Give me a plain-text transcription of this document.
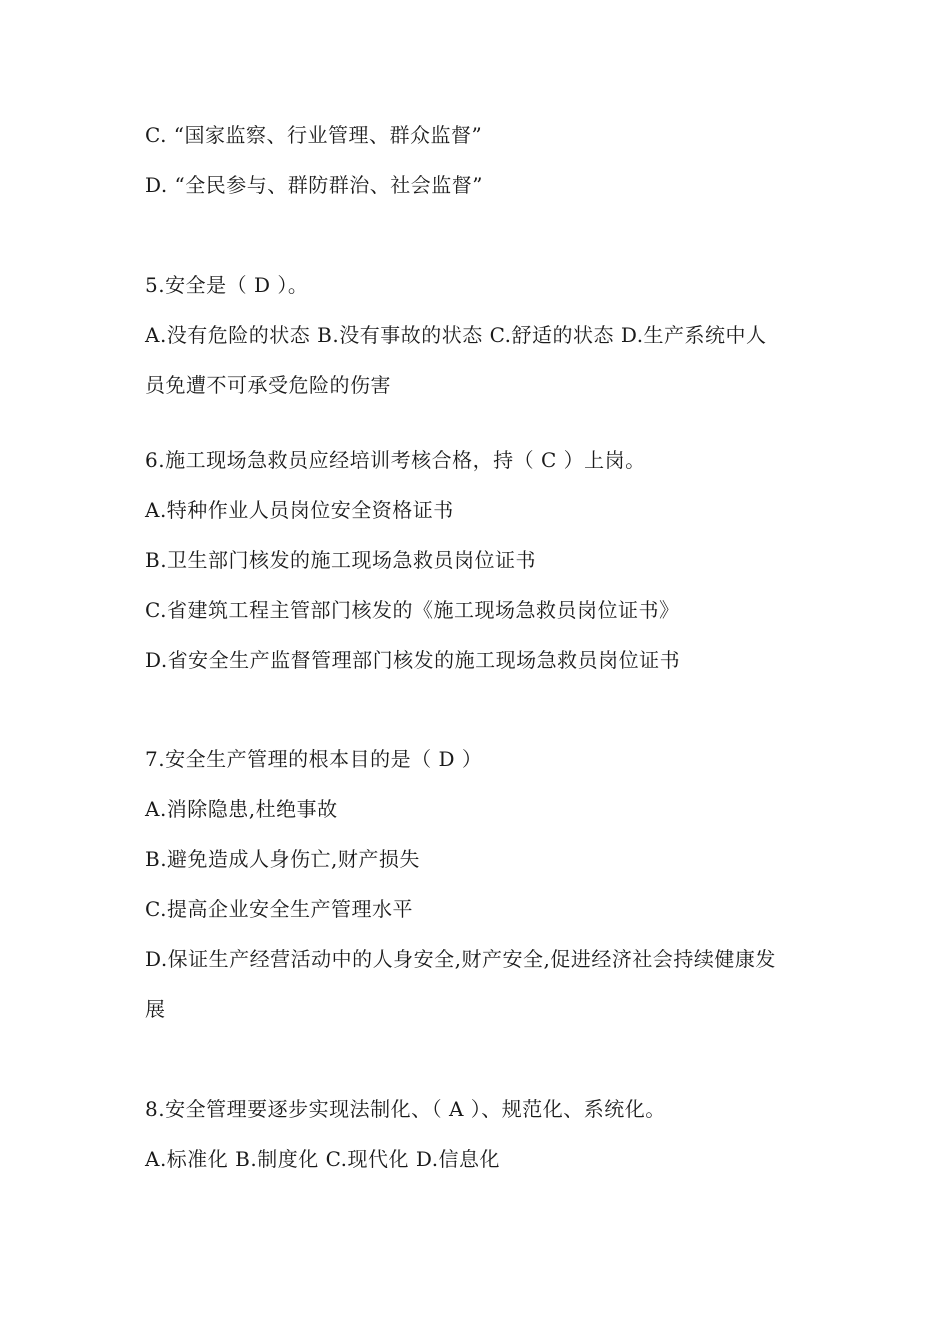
C. “国家监察、行业管理、群众监督”
D. “全民参与、群防群治、社会监督”
5.安全是（ D ）。
A.没有危险的状态 B.没有事故的状态 C.舒适的状态 D.生产系统中人
员免遭不可承受危险的伤害
6.施工现场急救员应经培训考核合格，持（ C ）上岗。
A.特种作业人员岗位安全资格证书
B.卫生部门核发的施工现场急救员岗位证书
C.省建筑工程主管部门核发的《施工现场急救员岗位证书》
D.省安全生产监督管理部门核发的施工现场急救员岗位证书
7.安全生产管理的根本目的是（ D ）
A.消除隐患,杜绝事故
B.避免造成人身伤亡,财产损失
C.提高企业安全生产管理水平
D.保证生产经营活动中的人身安全,财产安全,促进经济社会持续健康发
展
8.安全管理要逐步实现法制化、（ A ）、规范化、系统化。
A.标准化 B.制度化 C.现代化 D.信息化
